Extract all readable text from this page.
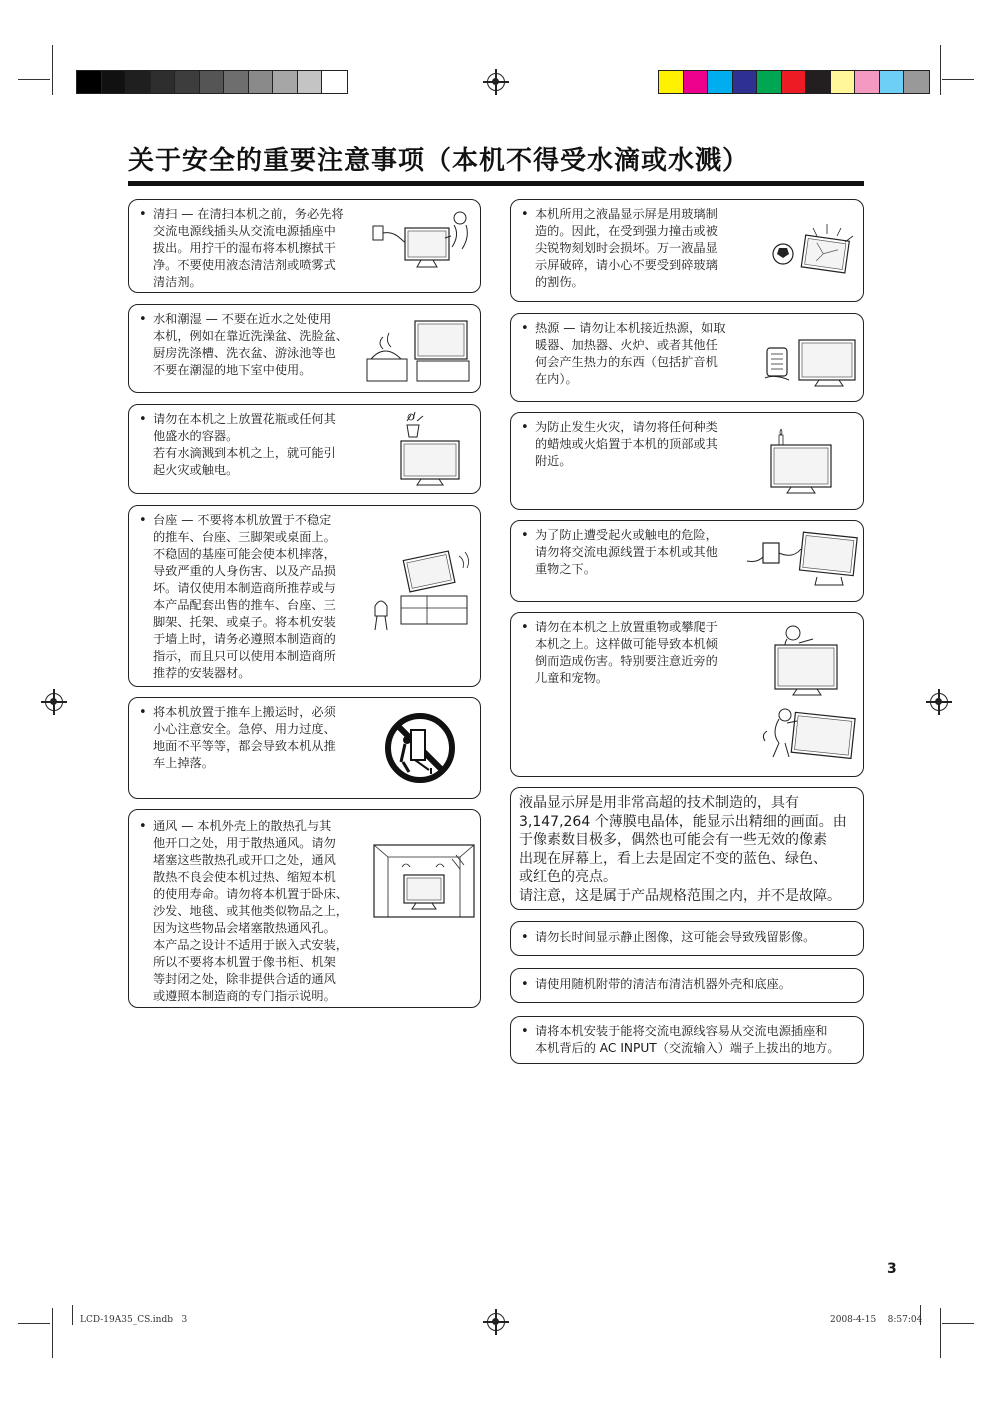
关于安全的重要注意事项（本机不得受水滴或水溅）

• 清扫 — 在清扫本机之前，务必先将

交流电源线插头从交流电源插座中

拔出。用拧干的湿布将本机擦拭干

净。不要使用液态清洁剂或喷雾式

清洁剂。

• 水和潮湿 — 不要在近水之处使用

本机，例如在靠近洗澡盆、洗脸盆、

厨房洗涤槽、洗衣盆、游泳池等也

不要在潮湿的地下室中使用。

• 请勿在本机之上放置花瓶或任何其

他盛水的容器。

若有水滴溅到本机之上，就可能引

起火灾或触电。

• 台座 — 不要将本机放置于不稳定

的推车、台座、三脚架或桌面上。

不稳固的基座可能会使本机摔落，

导致严重的人身伤害、以及产品损

坏。请仅使用本制造商所推荐或与

本产品配套出售的推车、台座、三

脚架、托架、或桌子。将本机安装

于墙上时，请务必遵照本制造商的

指示，而且只可以使用本制造商所

推荐的安装器材。

• 将本机放置于推车上搬运时，必须

小心注意安全。急停、用力过度、

地面不平等等，都会导致本机从推

车上掉落。

• 通风 — 本机外壳上的散热孔与其

他开口之处，用于散热通风。请勿

堵塞这些散热孔或开口之处，通风

散热不良会使本机过热、缩短本机

的使用寿命。请勿将本机置于卧床、

沙发、地毯、或其他类似物品之上，

因为这些物品会堵塞散热通风孔。

本产品之设计不适用于嵌入式安装，

所以不要将本机置于像书柜、机架

等封闭之处，除非提供合适的通风

或遵照本制造商的专门指示说明。

• 本机所用之液晶显示屏是用玻璃制

造的。因此，在受到强力撞击或被

尖锐物刻划时会损坏。万一液晶显

示屏破碎，请小心不要受到碎玻璃

的割伤。

• 热源 — 请勿让本机接近热源，如取

暖器、加热器、火炉、或者其他任

何会产生热力的东西（包括扩音机

在内）。

• 为防止发生火灾，请勿将任何种类

的蜡烛或火焰置于本机的顶部或其

附近。

• 为了防止遭受起火或触电的危险，

请勿将交流电源线置于本机或其他

重物之下。

• 请勿在本机之上放置重物或攀爬于

本机之上。这样做可能导致本机倾

倒而造成伤害。特别要注意近旁的

儿童和宠物。

液晶显示屏是用非常高超的技术制造的，具有

3,147,264 个薄膜电晶体，能显示出精细的画面。由

于像素数目极多，偶然也可能会有一些无效的像素

出现在屏幕上，看上去是固定不变的蓝色、绿色、

或红色的亮点。

请注意，这是属于产品规格范围之内，并不是故障。

• 请勿长时间显示静止图像，这可能会导致残留影像。

• 请使用随机附带的清洁布清洁机器外壳和底座。

• 请将本机安装于能将交流电源线容易从交流电源插座和

本机背后的 AC INPUT（交流输入）端子上拔出的地方。

3
LCD-19A35_CS.indb   3	2008-4-15    8:57:04
